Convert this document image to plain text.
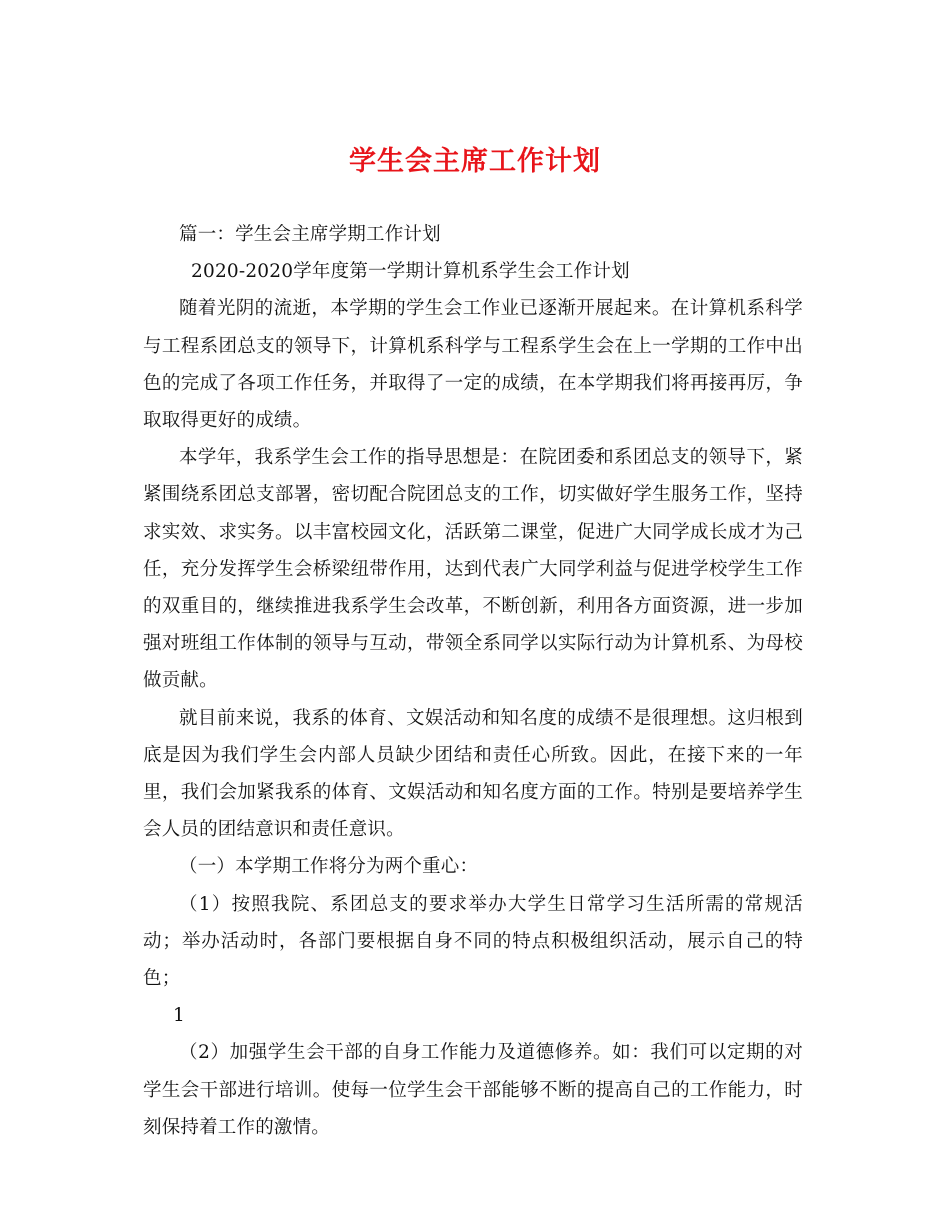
学生会主席工作计划

篇一：学生会主席学期工作计划

2020-2020学年度第一学期计算机系学生会工作计划

随着光阴的流逝，本学期的学生会工作业已逐渐开展起来。在计算机系科学与工程系团总支的领导下，计算机系科学与工程系学生会在上一学期的工作中出色的完成了各项工作任务，并取得了一定的成绩，在本学期我们将再接再厉，争取取得更好的成绩。

本学年，我系学生会工作的指导思想是：在院团委和系团总支的领导下，紧紧围绕系团总支部署，密切配合院团总支的工作，切实做好学生服务工作，坚持求实效、求实务。以丰富校园文化，活跃第二课堂，促进广大同学成长成才为己任，充分发挥学生会桥梁纽带作用，达到代表广大同学利益与促进学校学生工作的双重目的，继续推进我系学生会改革，不断创新，利用各方面资源，进一步加强对班组工作体制的领导与互动，带领全系同学以实际行动为计算机系、为母校做贡献。

就目前来说，我系的体育、文娱活动和知名度的成绩不是很理想。这归根到底是因为我们学生会内部人员缺少团结和责任心所致。因此，在接下来的一年里，我们会加紧我系的体育、文娱活动和知名度方面的工作。特别是要培养学生会人员的团结意识和责任意识。

（一）本学期工作将分为两个重心：

（1）按照我院、系团总支的要求举办大学生日常学习生活所需的常规活动；举办活动时，各部门要根据自身不同的特点积极组织活动，展示自己的特色；

1

（2）加强学生会干部的自身工作能力及道德修养。如：我们可以定期的对学生会干部进行培训。使每一位学生会干部能够不断的提高自己的工作能力，时刻保持着工作的激情。
